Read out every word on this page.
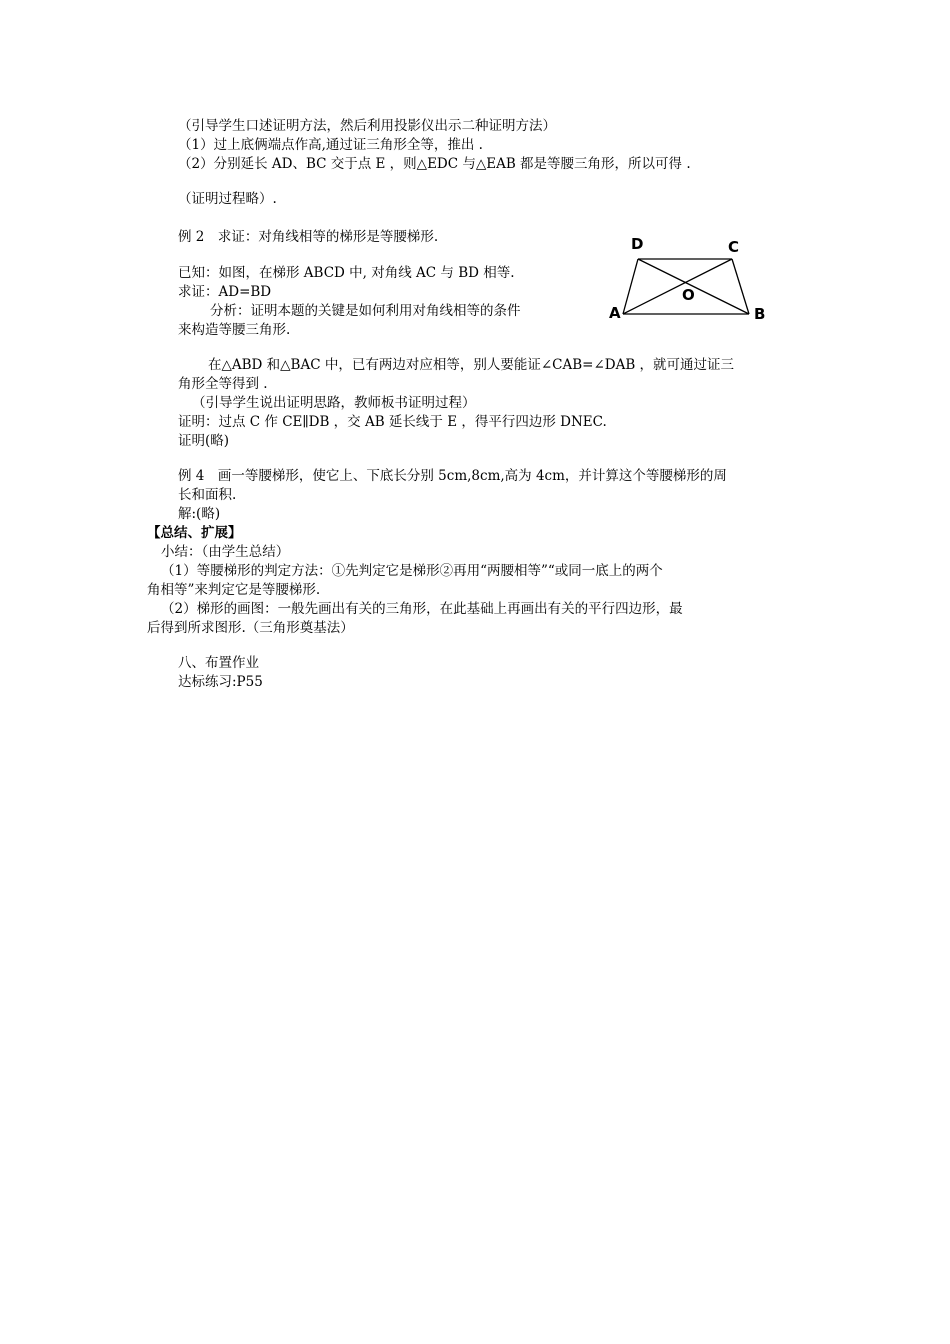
（引导学生口述证明方法，然后利用投影仪出示二种证明方法）
（1）过上底俩端点作高,通过证三角形全等，推出 .
（2）分别延长 AD、BC 交于点 E ，则△EDC 与△EAB 都是等腰三角形，所以可得 .
（证明过程略）.
例 2　求证：对角线相等的梯形是等腰梯形.
已知：如图，在梯形 ABCD 中, 对角线 AC 与 BD 相等.
求证：AD=BD
分析：证明本题的关键是如何利用对角线相等的条件
来构造等腰三角形.
D	C
O
A	B
在△ABD 和△BAC 中，已有两边对应相等，别人要能证∠CAB=∠DAB ，就可通过证三
角形全等得到 .
（引导学生说出证明思路，教师板书证明过程）
证明：过点 C 作 CE∥DB ，交 AB 延长线于 E ，得平行四边形 DNEC.
证明(略)
例 4　画一等腰梯形，使它上、下底长分别 5cm,8cm,高为 4cm，并计算这个等腰梯形的周
长和面积.
解:(略)
【总结、扩展】
小结：（由学生总结）
（1）等腰梯形的判定方法：①先判定它是梯形②再用“两腰相等”“或同一底上的两个
角相等”来判定它是等腰梯形.
（2）梯形的画图：一般先画出有关的三角形，在此基础上再画出有关的平行四边形，最
后得到所求图形.（三角形奠基法）
八、布置作业
达标练习:P55
